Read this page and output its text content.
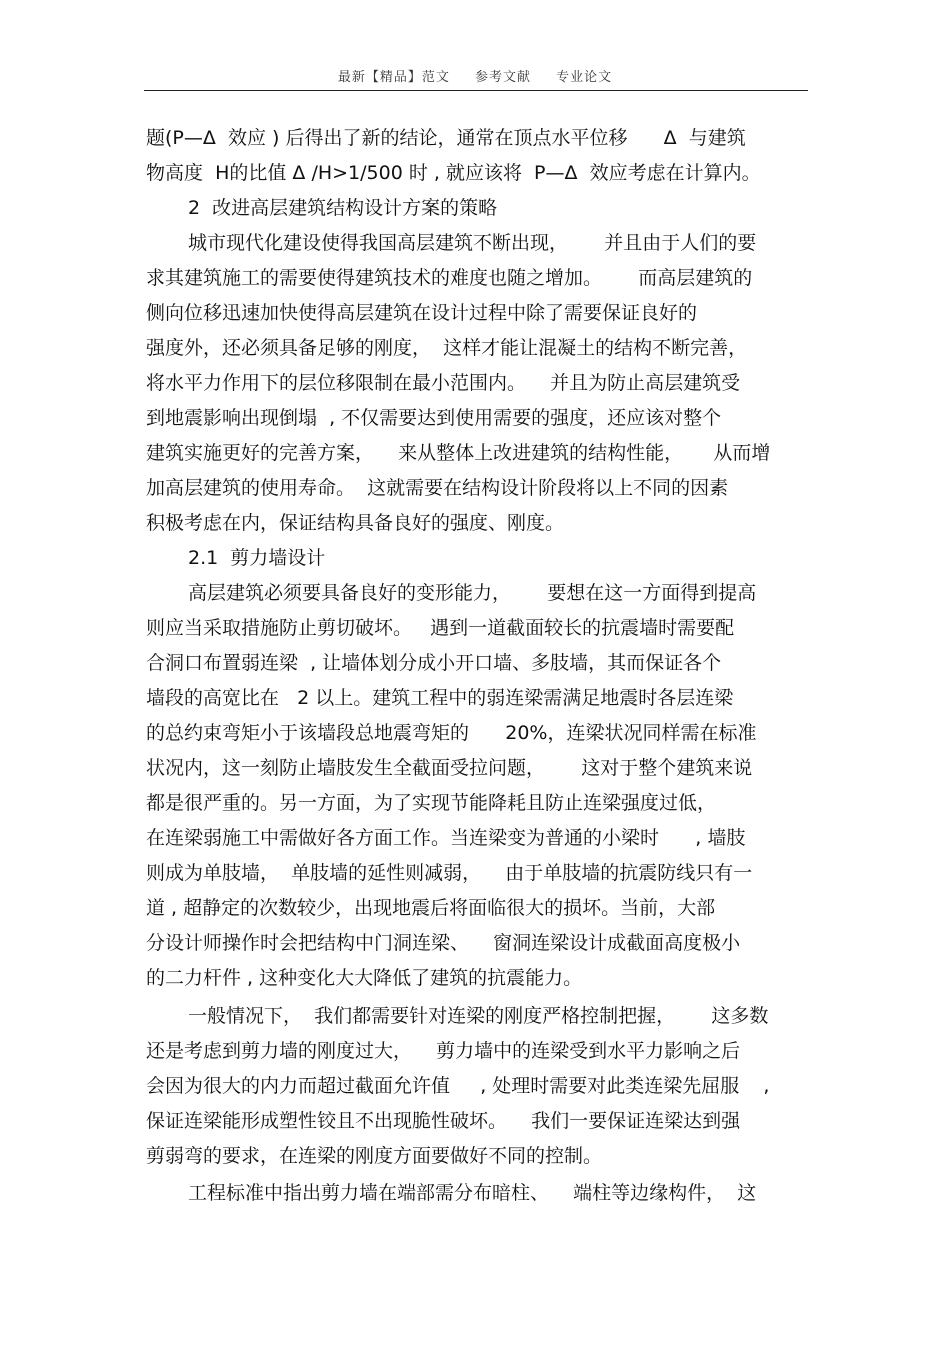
最新【精品】范文 参考文献 专业论文
题(P—Δ  效应 ) 后得出了新的结论，通常在顶点水平位移      Δ  与建筑
物高度  H的比值 Δ /H>1/500 时 , 就应该将  P—Δ  效应考虑在计算内。
2  改进高层建筑结构设计方案的策略
城市现代化建设使得我国高层建筑不断出现，      并且由于人们的要
求其建筑施工的需要使得建筑技术的难度也随之增加。      而高层建筑的
侧向位移迅速加快使得高层建筑在设计过程中除了需要保证良好的
强度外，还必须具备足够的刚度，  这样才能让混凝土的结构不断完善，
将水平力作用下的层位移限制在最小范围内。    并且为防止高层建筑受
到地震影响出现倒塌  , 不仅需要达到使用需要的强度，还应该对整个
建筑实施更好的完善方案，    来从整体上改进建筑的结构性能，     从而增
加高层建筑的使用寿命。  这就需要在结构设计阶段将以上不同的因素
积极考虑在内，保证结构具备良好的强度、刚度。
2.1  剪力墙设计
高层建筑必须要具备良好的变形能力，      要想在这一方面得到提高
则应当采取措施防止剪切破坏。   遇到一道截面较长的抗震墙时需要配
合洞口布置弱连梁  , 让墙体划分成小开口墙、多肢墙，其而保证各个
墙段的高宽比在   2 以上。建筑工程中的弱连梁需满足地震时各层连梁
的总约束弯矩小于该墙段总地震弯矩的      20%，连梁状况同样需在标准
状况内，这一刻防止墙肢发生全截面受拉问题，      这对于整个建筑来说
都是很严重的。另一方面，为了实现节能降耗且防止连梁强度过低，
在连梁弱施工中需做好各方面工作。当连梁变为普通的小梁时      , 墙肢
则成为单肢墙，  单肢墙的延性则减弱，    由于单肢墙的抗震防线只有一
道 , 超静定的次数较少，出现地震后将面临很大的损坏。当前，大部
分设计师操作时会把结构中门洞连梁、    窗洞连梁设计成截面高度极小
的二力杆件 , 这种变化大大降低了建筑的抗震能力。
一般情况下，  我们都需要针对连梁的刚度严格控制把握，      这多数
还是考虑到剪力墙的刚度过大，    剪力墙中的连梁受到水平力影响之后
会因为很大的内力而超过截面允许值     , 处理时需要对此类连梁先屈服    ,
保证连梁能形成塑性铰且不出现脆性破坏。    我们一要保证连梁达到强
剪弱弯的要求，在连梁的刚度方面要做好不同的控制。
工程标准中指出剪力墙在端部需分布暗柱、    端柱等边缘构件，  这
